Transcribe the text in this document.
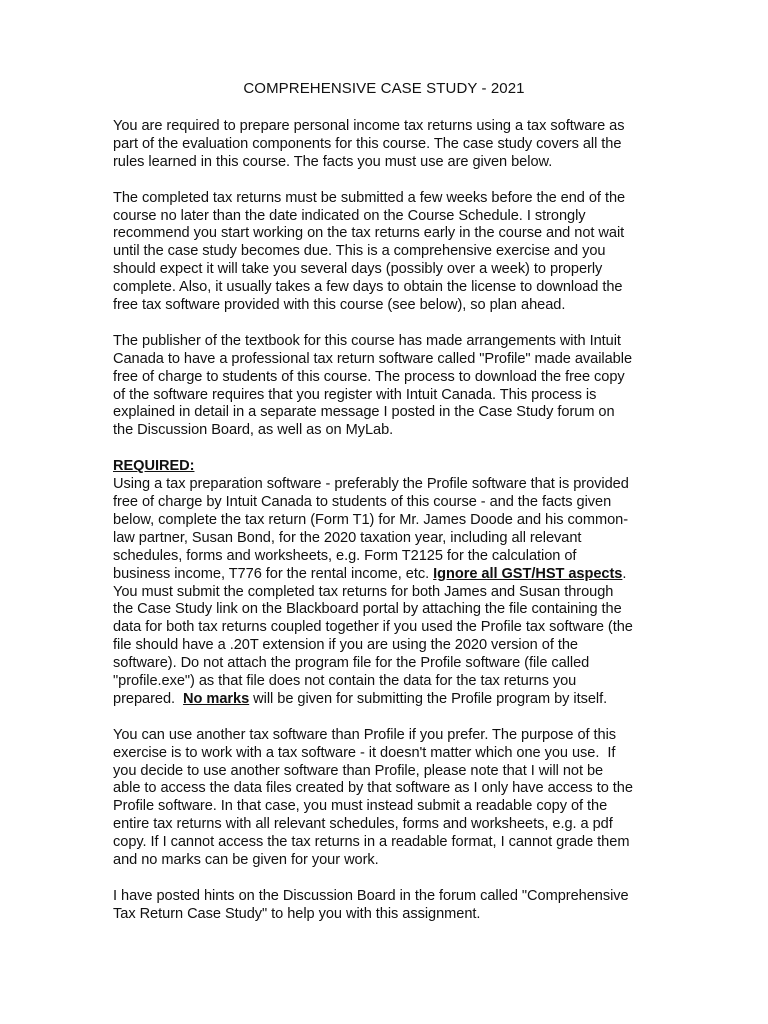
COMPREHENSIVE CASE STUDY - 2021

You are required to prepare personal income tax returns using a tax software as
part of the evaluation components for this course. The case study covers all the
rules learned in this course. The facts you must use are given below.

The completed tax returns must be submitted a few weeks before the end of the
course no later than the date indicated on the Course Schedule. I strongly
recommend you start working on the tax returns early in the course and not wait
until the case study becomes due. This is a comprehensive exercise and you
should expect it will take you several days (possibly over a week) to properly
complete. Also, it usually takes a few days to obtain the license to download the
free tax software provided with this course (see below), so plan ahead.

The publisher of the textbook for this course has made arrangements with Intuit
Canada to have a professional tax return software called "Profile" made available
free of charge to students of this course. The process to download the free copy
of the software requires that you register with Intuit Canada. This process is
explained in detail in a separate message I posted in the Case Study forum on
the Discussion Board, as well as on MyLab.

REQUIRED:
Using a tax preparation software - preferably the Profile software that is provided
free of charge by Intuit Canada to students of this course - and the facts given
below, complete the tax return (Form T1) for Mr. James Doode and his common-
law partner, Susan Bond, for the 2020 taxation year, including all relevant
schedules, forms and worksheets, e.g. Form T2125 for the calculation of
business income, T776 for the rental income, etc. Ignore all GST/HST aspects.
You must submit the completed tax returns for both James and Susan through
the Case Study link on the Blackboard portal by attaching the file containing the
data for both tax returns coupled together if you used the Profile tax software (the
file should have a .20T extension if you are using the 2020 version of the
software). Do not attach the program file for the Profile software (file called
"profile.exe") as that file does not contain the data for the tax returns you
prepared.  No marks will be given for submitting the Profile program by itself.

You can use another tax software than Profile if you prefer. The purpose of this
exercise is to work with a tax software - it doesn't matter which one you use.  If
you decide to use another software than Profile, please note that I will not be
able to access the data files created by that software as I only have access to the
Profile software. In that case, you must instead submit a readable copy of the
entire tax returns with all relevant schedules, forms and worksheets, e.g. a pdf
copy. If I cannot access the tax returns in a readable format, I cannot grade them
and no marks can be given for your work.

I have posted hints on the Discussion Board in the forum called "Comprehensive
Tax Return Case Study" to help you with this assignment.
